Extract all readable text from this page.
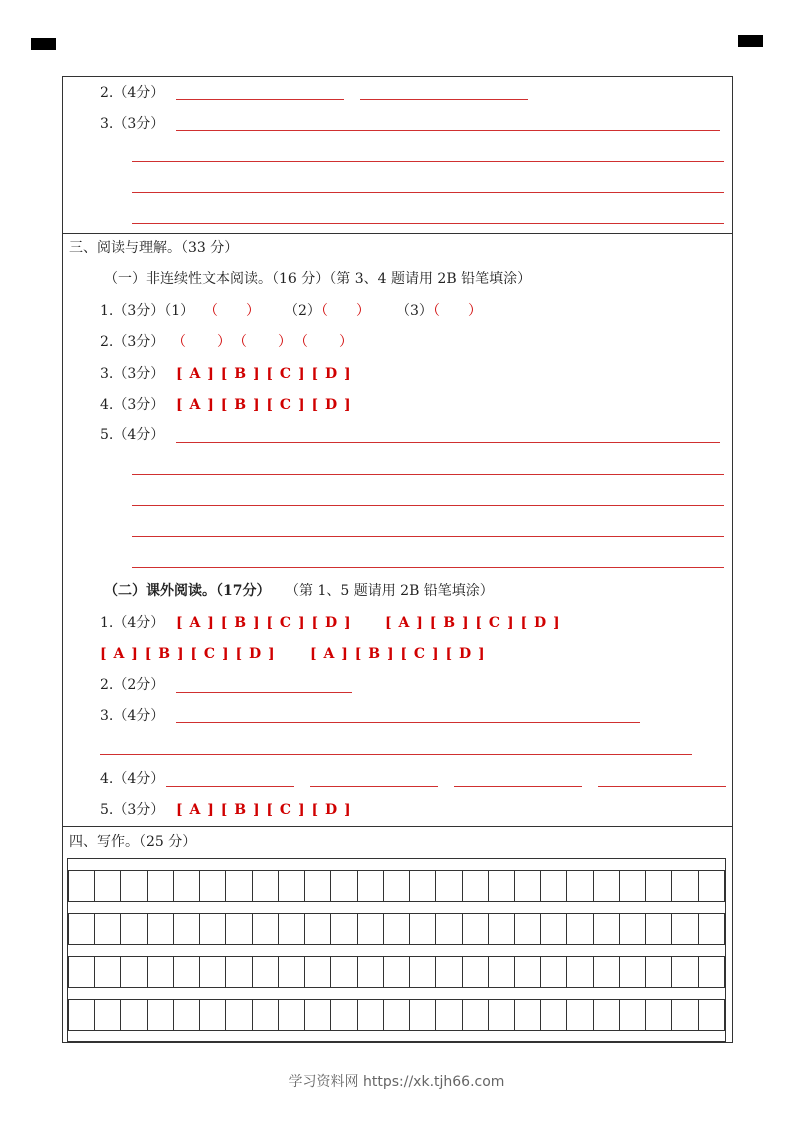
2.（4分）
3.（3分）
三、阅读与理解。（33 分）
（一）非连续性文本阅读。（16 分）（第 3、4 题请用 2B 铅笔填涂）
1.（3分）（1） （　　） （2）
（　　） （3）
（　　）
2.（3分） （　　）　（　　）　（　　）
3.（3分） [ A ] [ B ] [ C ] [ D ]
4.（3分） [ A ] [ B ] [ C ] [ D ]
5.（4分）
（二）课外阅读。（17分） （第 1、5 题请用 2B 铅笔填涂）
1.（4分） [ A ] [ B ] [ C ] [ D ] [ A ] [ B ] [ C ] [ D ]
[ A ] [ B ] [ C ] [ D ] [ A ] [ B ] [ C ] [ D ]
2.（2分）
3.（4分）
4.（4分）
5.（3分） [ A ] [ B ] [ C ] [ D ]
四、写作。（25 分）
学习资料网 https://xk.tjh66.com
